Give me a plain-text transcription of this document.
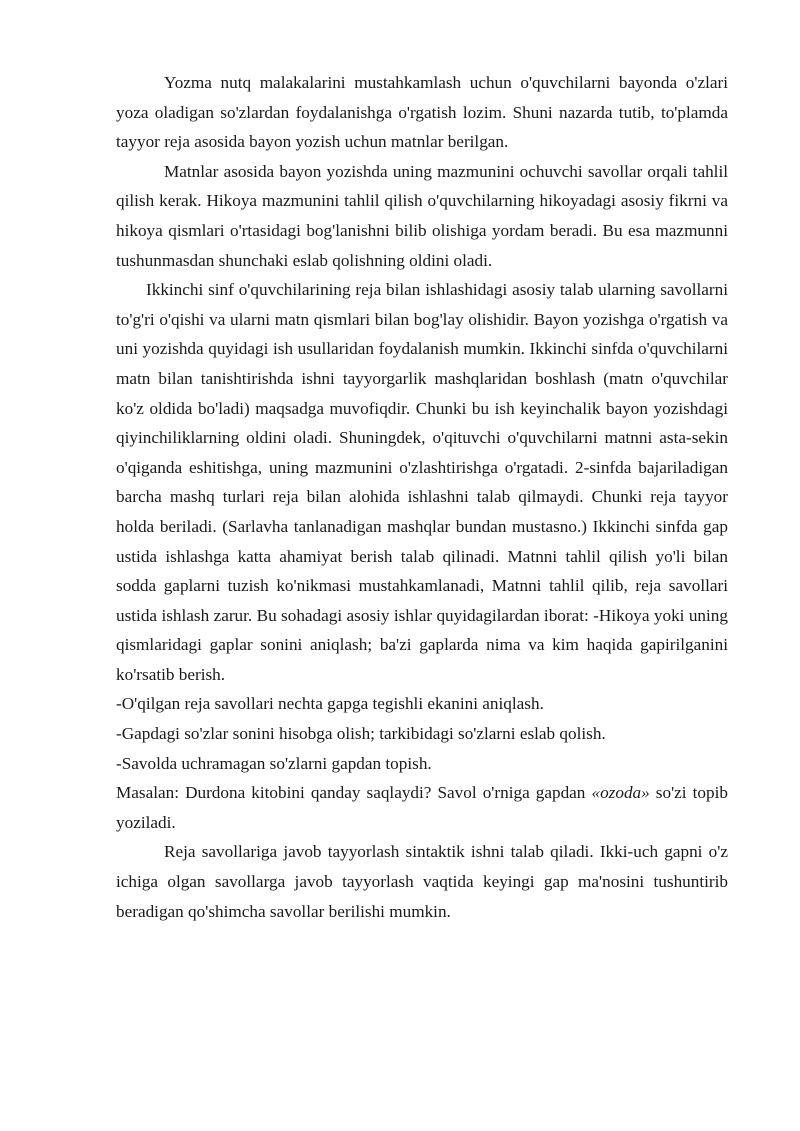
Yozma nutq malakalarini mustahkamlash uchun o'quvchilarni bayonda o'zlari yoza oladigan so'zlardan foydalanishga o'rgatish lozim. Shuni nazarda tutib, to'plamda tayyor reja asosida bayon yozish uchun matnlar berilgan.

Matnlar asosida bayon yozishda uning mazmunini ochuvchi savollar orqali tahlil qilish kerak. Hikoya mazmunini tahlil qilish o'quvchilarning hikoyadagi asosiy fikrni va hikoya qismlari o'rtasidagi bog'lanishni bilib olishiga yordam beradi. Bu esa mazmunni tushunmasdan shunchaki eslab qolishning oldini oladi.

Ikkinchi sinf o'quvchilarining reja bilan ishlashidagi asosiy talab ularning savollarni to'g'ri o'qishi va ularni matn qismlari bilan bog'lay olishidir. Bayon yozishga o'rgatish va uni yozishda quyidagi ish usullaridan foydalanish mumkin. Ikkinchi sinfda o'quvchilarni matn bilan tanishtirishda ishni tayyorgarlik mashqlaridan boshlash (matn o'quvchilar ko'z oldida bo'ladi) maqsadga muvofiqdir. Chunki bu ish keyinchalik bayon yozishdagi qiyinchiliklarning oldini oladi. Shuningdek, o'qituvchi o'quvchilarni matnni asta-sekin o'qiganda eshitishga, uning mazmunini o'zlashtirishga o'rgatadi. 2-sinfda bajariladigan barcha mashq turlari reja bilan alohida ishlashni talab qilmaydi. Chunki reja tayyor holda beriladi. (Sarlavha tanlanadigan mashqlar bundan mustasno.) Ikkinchi sinfda gap ustida ishlashga katta ahamiyat berish talab qilinadi. Matnni tahlil qilish yo'li bilan sodda gaplarni tuzish ko'nikmasi mustahkamlanadi, Matnni tahlil qilib, reja savollari ustida ishlash zarur. Bu sohadagi asosiy ishlar quyidagilardan iborat: -Hikoya yoki uning qismlaridagi gaplar sonini aniqlash; ba'zi gaplarda nima va kim haqida gapirilganini ko'rsatib berish.

-O'qilgan reja savollari nechta gapga tegishli ekanini aniqlash.

-Gapdagi so'zlar sonini hisobga olish; tarkibidagi so'zlarni eslab qolish.

-Savolda uchramagan so'zlarni gapdan topish.

Masalan: Durdona kitobini qanday saqlaydi? Savol o'rniga gapdan «ozoda» so'zi topib yoziladi.

Reja savollariga javob tayyorlash sintaktik ishni talab qiladi. Ikki-uch gapni o'z ichiga olgan savollarga javob tayyorlash vaqtida keyingi gap ma'nosini tushuntirib beradigan qo'shimcha savollar berilishi mumkin.
